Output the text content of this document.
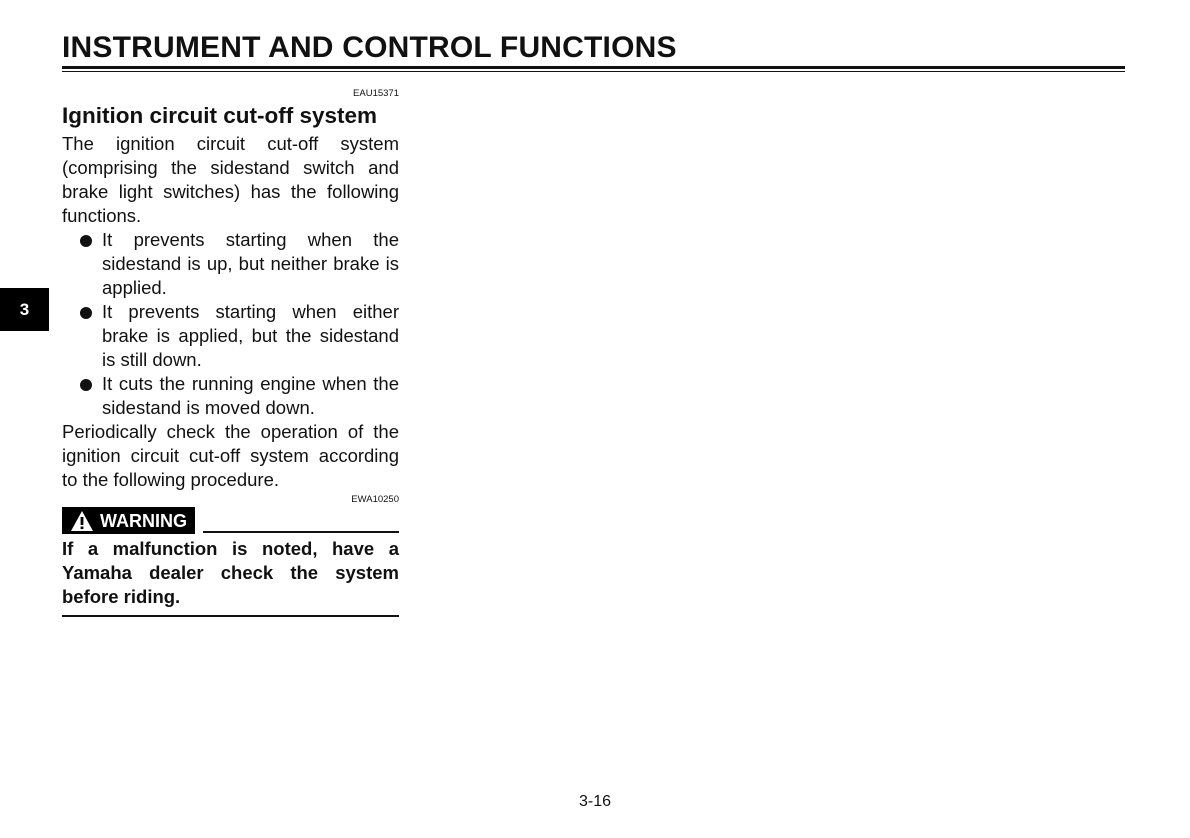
INSTRUMENT AND CONTROL FUNCTIONS
3
EAU15371
Ignition circuit cut-off system

The ignition circuit cut-off system (comprising the sidestand switch and brake light switches) has the following functions.

It prevents starting when the sidestand is up, but neither brake is applied.
It prevents starting when either brake is applied, but the sidestand is still down.
It cuts the running engine when the sidestand is moved down.

Periodically check the operation of the ignition circuit cut-off system according to the following procedure.

EWA10250
WARNING

If a malfunction is noted, have a Yamaha dealer check the system before riding.

3-16
